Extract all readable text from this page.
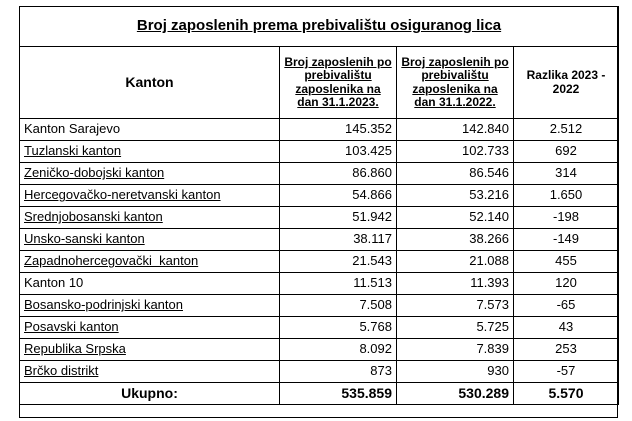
Broj zaposlenih prema prebivalištu osiguranog lica			
Kanton	Broj zaposlenih po prebivalištu zaposlenika na dan 31.1.2023.	Broj zaposlenih po prebivalištu zaposlenika na dan 31.1.2022.	Razlika 2023 - 2022
Kanton Sarajevo	145.352	142.840	2.512
Tuzlanski kanton	103.425	102.733	692
Zeničko-dobojski kanton	86.860	86.546	314
Hercegovačko-neretvanski kanton	54.866	53.216	1.650
Srednjobosanski kanton	51.942	52.140	-198
Unsko-sanski kanton	38.117	38.266	-149
Zapadnohercegovački  kanton	21.543	21.088	455
Kanton 10	11.513	11.393	120
Bosansko-podrinjski kanton	7.508	7.573	-65
Posavski kanton	5.768	5.725	43
Republika Srpska	8.092	7.839	253
Brčko distrikt	873	930	-57
Ukupno:	535.859	530.289	5.570
